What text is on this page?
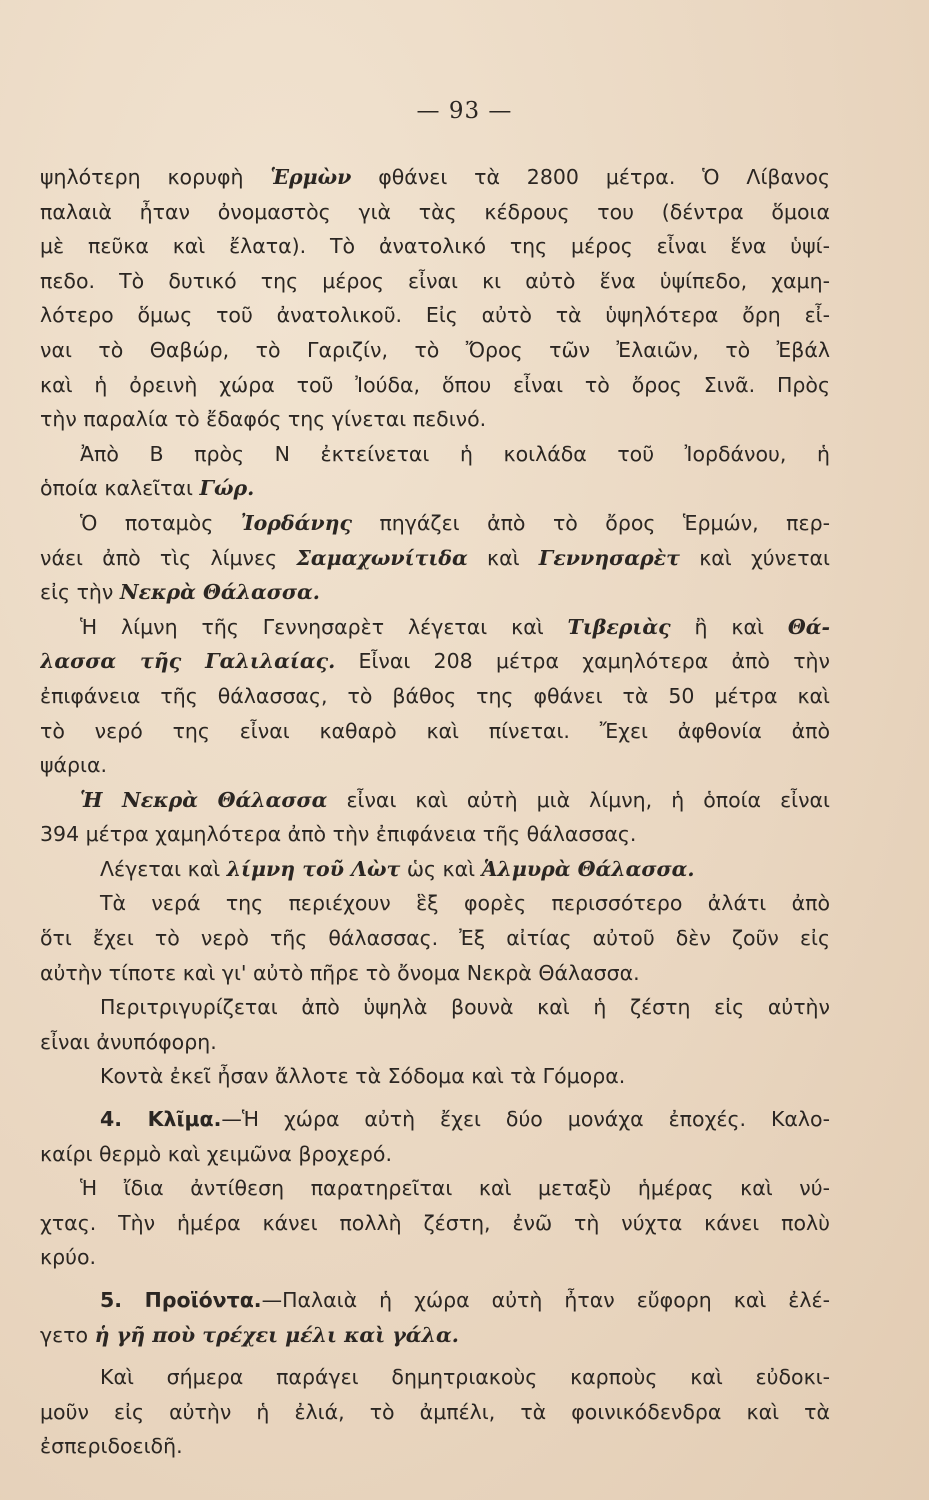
— 93 —
ψηλότερη κορυφὴ Ἑρμὼν φθάνει τὰ 2800 μέτρα. Ὁ Λίβανος
παλαιὰ ἦταν ὀνομαστὸς γιὰ τὰς κέδρους του (δέντρα ὅμοια
μὲ πεῦκα καὶ ἔλατα). Τὸ ἀνατολικό της μέρος εἶναι ἕνα ὑψί-
πεδο. Τὸ δυτικό της μέρος εἶναι κι αὐτὸ ἕνα ὑψίπεδο, χαμη-
λότερο ὅμως τοῦ ἀνατολικοῦ. Εἰς αὐτὸ τὰ ὑψηλότερα ὄρη εἶ-
ναι τὸ Θαβώρ, τὸ Γαριζίν, τὸ Ὄρος τῶν Ἐλαιῶν, τὸ Ἐβάλ
καὶ ἡ ὀρεινὴ χώρα τοῦ Ἰούδα, ὅπου εἶναι τὸ ὄρος Σινᾶ. Πρὸς
τὴν παραλία τὸ ἔδαφός της γίνεται πεδινό.
Ἀπὸ Β πρὸς Ν ἐκτείνεται ἡ κοιλάδα τοῦ Ἰορδάνου, ἡ
ὁποία καλεῖται Γώρ.
Ὁ ποταμὸς Ἰορδάνης πηγάζει ἀπὸ τὸ ὄρος Ἑρμών, περ-
νάει ἀπὸ τὶς λίμνες Σαμαχωνίτιδα καὶ Γεννησαρὲτ καὶ χύνεται
εἰς τὴν Νεκρὰ Θάλασσα.
Ἡ λίμνη τῆς Γεννησαρὲτ λέγεται καὶ Τιβεριὰς ἢ καὶ Θά-
λασσα τῆς Γαλιλαίας. Εἶναι 208 μέτρα χαμηλότερα ἀπὸ τὴν
ἐπιφάνεια τῆς θάλασσας, τὸ βάθος της φθάνει τὰ 50 μέτρα καὶ
τὸ νερό της εἶναι καθαρὸ καὶ πίνεται. Ἔχει ἀφθονία ἀπὸ
ψάρια.
Ἡ Νεκρὰ Θάλασσα εἶναι καὶ αὐτὴ μιὰ λίμνη, ἡ ὁποία εἶναι
394 μέτρα χαμηλότερα ἀπὸ τὴν ἐπιφάνεια τῆς θάλασσας.
Λέγεται καὶ λίμνη τοῦ Λὼτ ὡς καὶ Ἁλμυρὰ Θάλασσα.
Τὰ νερά της περιέχουν ἓξ φορὲς περισσότερο ἀλάτι ἀπὸ
ὅτι ἔχει τὸ νερὸ τῆς θάλασσας. Ἐξ αἰτίας αὐτοῦ δὲν ζοῦν εἰς
αὐτὴν τίποτε καὶ γι' αὐτὸ πῆρε τὸ ὄνομα Νεκρὰ Θάλασσα.
Περιτριγυρίζεται ἀπὸ ὑψηλὰ βουνὰ καὶ ἡ ζέστη εἰς αὐτὴν
εἶναι ἀνυπόφορη.
Κοντὰ ἐκεῖ ἦσαν ἄλλοτε τὰ Σόδομα καὶ τὰ Γόμορα.
4. Κλῖμα.—Ἡ χώρα αὐτὴ ἔχει δύο μονάχα ἐποχές. Καλο-
καίρι θερμὸ καὶ χειμῶνα βροχερό.
Ἡ ἴδια ἀντίθεση παρατηρεῖται καὶ μεταξὺ ἡμέρας καὶ νύ-
χτας. Τὴν ἡμέρα κάνει πολλὴ ζέστη, ἐνῶ τὴ νύχτα κάνει πολὺ
κρύο.
5. Προϊόντα.—Παλαιὰ ἡ χώρα αὐτὴ ἦταν εὔφορη καὶ ἐλέ-
γετο ἡ γῆ ποὺ τρέχει μέλι καὶ γάλα.
Καὶ σήμερα παράγει δημητριακοὺς καρποὺς καὶ εὐδοκι-
μοῦν εἰς αὐτὴν ἡ ἐλιά, τὸ ἀμπέλι, τὰ φοινικόδενδρα καὶ τὰ
ἐσπεριδοειδῆ.
